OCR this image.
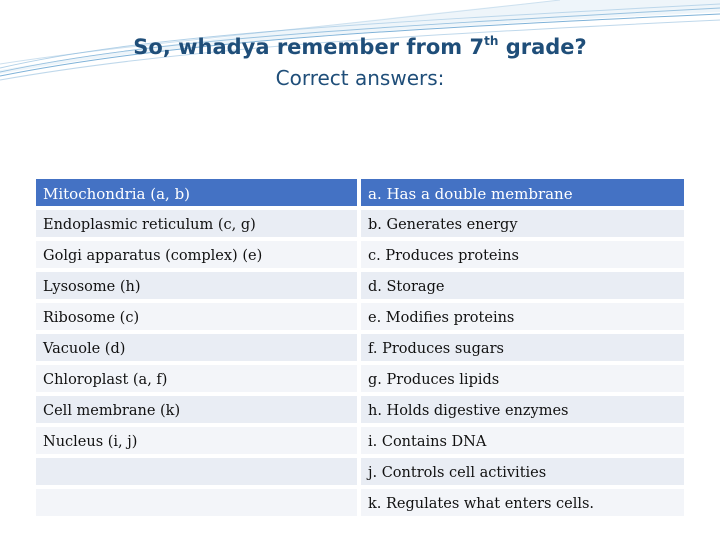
So, whadya remember from 7th grade?
Correct answers:
Mitochondria (a, b)	a. Has a double membrane
Endoplasmic reticulum (c, g)	b. Generates energy
Golgi apparatus (complex) (e)	c. Produces proteins
Lysosome (h)	d. Storage
Ribosome (c)	e. Modifies proteins
Vacuole (d)	f. Produces sugars
Chloroplast (a, f)	g. Produces lipids
Cell membrane (k)	h. Holds digestive enzymes
Nucleus (i, j)	i. Contains DNA
	j. Controls cell activities
	k. Regulates what enters cells.
